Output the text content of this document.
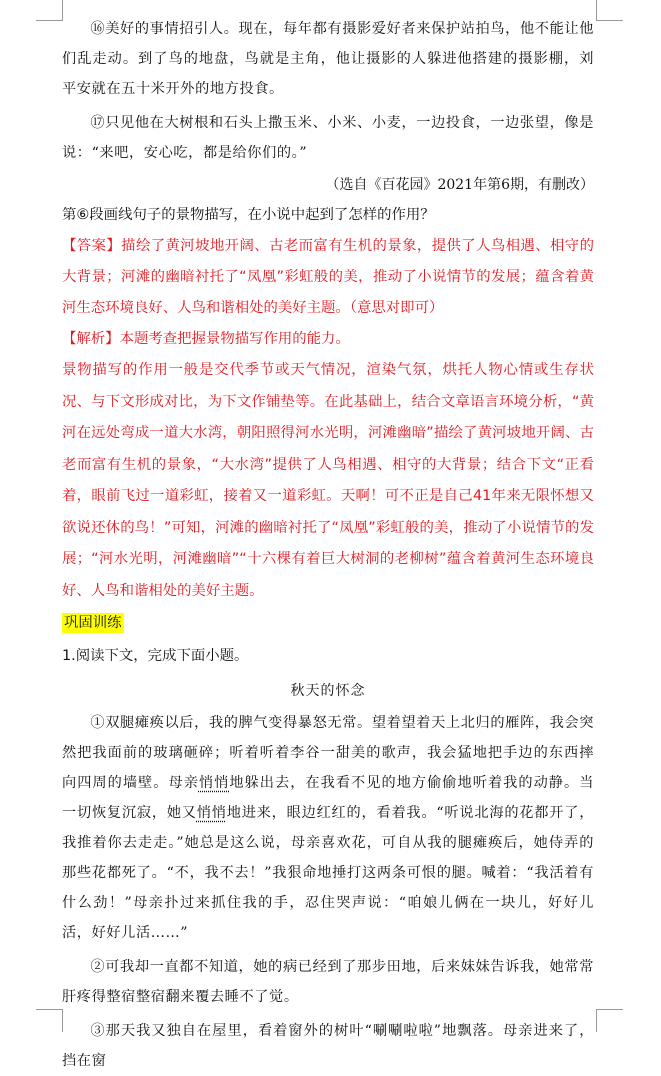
⑯美好的事情招引人。现在，每年都有摄影爱好者来保护站拍鸟，他不能让他们乱走动。到了鸟的地盘，鸟就是主角，他让摄影的人躲进他搭建的摄影棚，刘平安就在五十米开外的地方投食。

⑰只见他在大树根和石头上撒玉米、小米、小麦，一边投食，一边张望，像是说：“来吧，安心吃，都是给你们的。”

（选自《百花园》2021年第6期，有删改）

第⑥段画线句子的景物描写，在小说中起到了怎样的作用？

【答案】描绘了黄河坡地开阔、古老而富有生机的景象，提供了人鸟相遇、相守的大背景；河滩的幽暗衬托了“凤凰”彩虹般的美，推动了小说情节的发展；蕴含着黄河生态环境良好、人鸟和谐相处的美好主题。（意思对即可）

【解析】本题考查把握景物描写作用的能力。

景物描写的作用一般是交代季节或天气情况，渲染气氛，烘托人物心情或生存状况、与下文形成对比，为下文作铺垫等。在此基础上，结合文章语言环境分析，“黄河在远处弯成一道大水湾，朝阳照得河水光明，河滩幽暗”描绘了黄河坡地开阔、古老而富有生机的景象，“大水湾”提供了人鸟相遇、相守的大背景；结合下文“正看着，眼前飞过一道彩虹，接着又一道彩虹。天啊！可不正是自己41年来无限怀想又欲说还休的鸟！”可知，河滩的幽暗衬托了“凤凰”彩虹般的美，推动了小说情节的发展；“河水光明，河滩幽暗”“十六棵有着巨大树洞的老柳树”蕴含着黄河生态环境良好、人鸟和谐相处的美好主题。

巩固训练

1.阅读下文，完成下面小题。

秋天的怀念

①双腿瘫痪以后，我的脾气变得暴怒无常。望着望着天上北归的雁阵，我会突然把我面前的玻璃砸碎；听着听着李谷一甜美的歌声，我会猛地把手边的东西摔向四周的墙壁。母亲悄悄地躲出去，在我看不见的地方偷偷地听着我的动静。当一切恢复沉寂，她又悄悄地进来，眼边红红的，看着我。“听说北海的花都开了，我推着你去走走。”她总是这么说，母亲喜欢花，可自从我的腿瘫痪后，她侍弄的那些花都死了。“不，我不去！”我狠命地捶打这两条可恨的腿。喊着：“我活着有什么劲！”母亲扑过来抓住我的手，忍住哭声说：“咱娘儿俩在一块儿，好好儿活，好好儿活……”

②可我却一直都不知道，她的病已经到了那步田地，后来妹妹告诉我，她常常肝疼得整宿整宿翻来覆去睡不了觉。

③那天我又独自在屋里，看着窗外的树叶“唰唰啦啦”地飘落。母亲进来了，挡在窗
